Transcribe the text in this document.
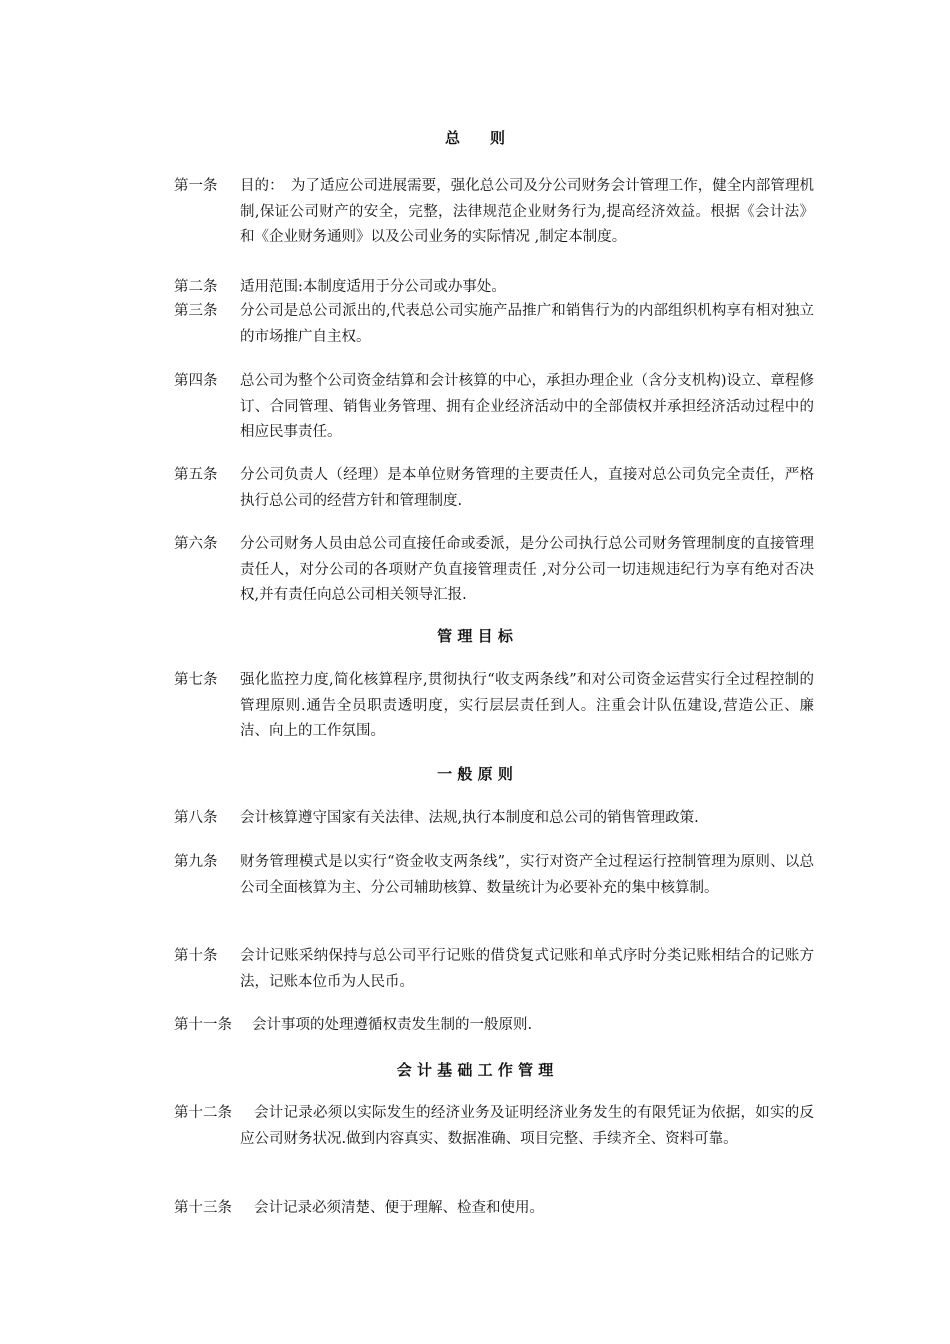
总　　则
第一条 目的：　为了适应公司进展需要，强化总公司及分公司财务会计管理工作，健全内部管理机制,保证公司财产的安全，完整，法律规范企业财务行为,提高经济效益。根据《会计法》和《企业财务通则》以及公司业务的实际情况 ,制定本制度。
第二条 适用范围:本制度适用于分公司或办事处。
第三条 分公司是总公司派出的,代表总公司实施产品推广和销售行为的内部组织机构享有相对独立的市场推广自主权。
第四条 总公司为整个公司资金结算和会计核算的中心，承担办理企业（含分支机构)设立、章程修订、合同管理、销售业务管理、拥有企业经济活动中的全部债权并承担经济活动过程中的相应民事责任。
第五条 分公司负责人（经理）是本单位财务管理的主要责任人，直接对总公司负完全责任，严格执行总公司的经营方针和管理制度.
第六条 分公司财务人员由总公司直接任命或委派，是分公司执行总公司财务管理制度的直接管理责任人，对分公司的各项财产负直接管理责任 ,对分公司一切违规违纪行为享有绝对否决权,并有责任向总公司相关领导汇报.
管 理 目 标
第七条 强化监控力度,简化核算程序,贯彻执行“收支两条线”和对公司资金运营实行全过程控制的管理原则.通告全员职责透明度，实行层层责任到人。注重会计队伍建设,营造公正、廉洁、向上的工作氛围。
一 般 原 则
第八条 会计核算遵守国家有关法律、法规,执行本制度和总公司的销售管理政策.
第九条 财务管理模式是以实行“资金收支两条线”，实行对资产全过程运行控制管理为原则、以总公司全面核算为主、分公司辅助核算、数量统计为必要补充的集中核算制。
第十条 会计记账采纳保持与总公司平行记账的借贷复式记账和单式序时分类记账相结合的记账方法，记账本位币为人民币。
第十一条 会计事项的处理遵循权责发生制的一般原则.
会 计 基 础 工 作 管 理
第十二条	会计记录必须以实际发生的经济业务及证明经济业务发生的有限凭证为依据，如实的反应公司财务状况.做到内容真实、数据准确、项目完整、手续齐全、资料可靠。
第十三条 会计记录必须清楚、便于理解、检查和使用。
